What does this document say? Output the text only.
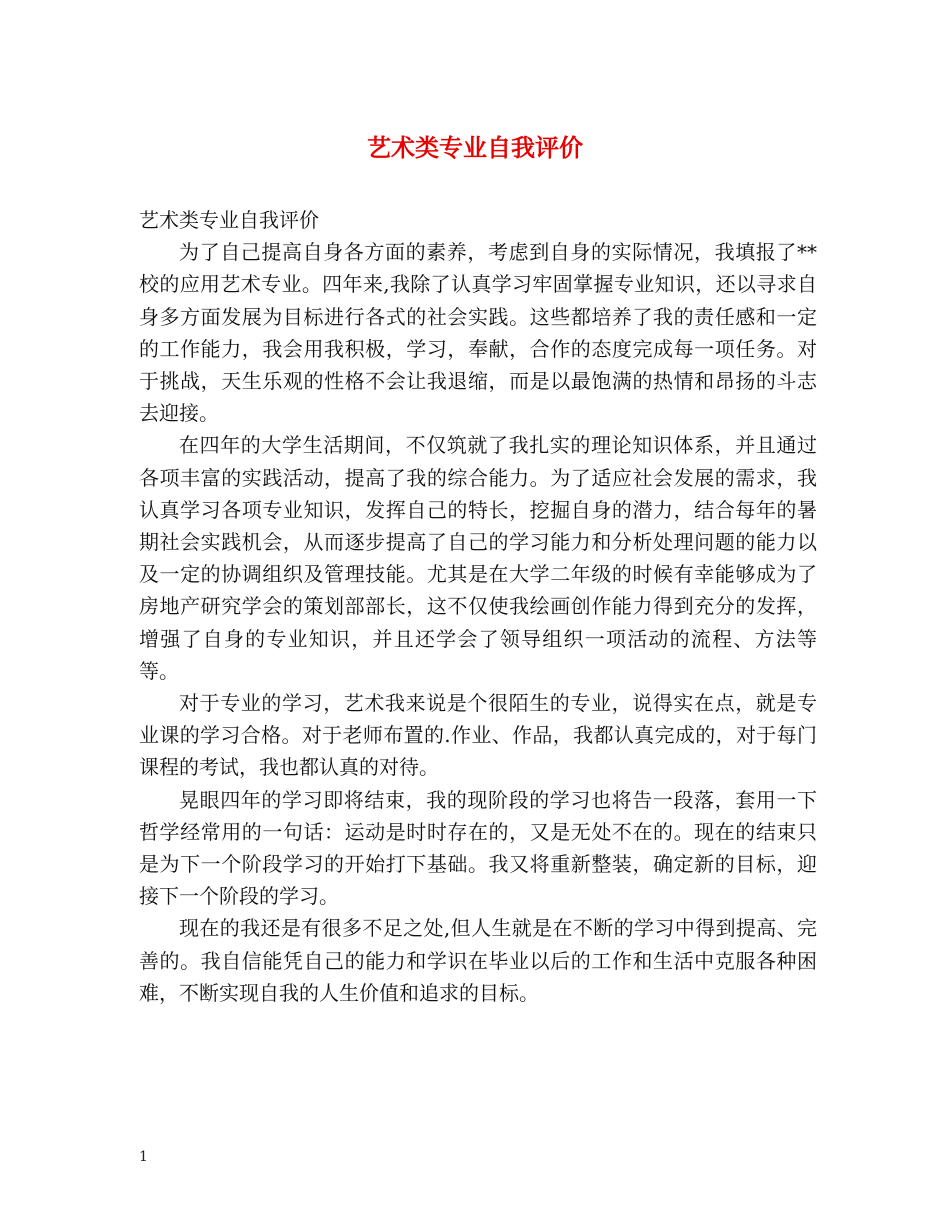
艺术类专业自我评价

艺术类专业自我评价

为了自己提高自身各方面的素养，考虑到自身的实际情况，我填报了**校的应用艺术专业。四年来,我除了认真学习牢固掌握专业知识，还以寻求自身多方面发展为目标进行各式的社会实践。这些都培养了我的责任感和一定的工作能力，我会用我积极，学习，奉献，合作的态度完成每一项任务。对于挑战，天生乐观的性格不会让我退缩，而是以最饱满的热情和昂扬的斗志去迎接。

在四年的大学生活期间，不仅筑就了我扎实的理论知识体系，并且通过各项丰富的实践活动，提高了我的综合能力。为了适应社会发展的需求，我认真学习各项专业知识，发挥自己的特长，挖掘自身的潜力，结合每年的暑期社会实践机会，从而逐步提高了自己的学习能力和分析处理问题的能力以及一定的协调组织及管理技能。尤其是在大学二年级的时候有幸能够成为了房地产研究学会的策划部部长，这不仅使我绘画创作能力得到充分的发挥，增强了自身的专业知识，并且还学会了领导组织一项活动的流程、方法等等。

对于专业的学习，艺术我来说是个很陌生的专业，说得实在点，就是专业课的学习合格。对于老师布置的.作业、作品，我都认真完成的，对于每门课程的考试，我也都认真的对待。

晃眼四年的学习即将结束，我的现阶段的学习也将告一段落，套用一下哲学经常用的一句话：运动是时时存在的，又是无处不在的。现在的结束只是为下一个阶段学习的开始打下基础。我又将重新整装，确定新的目标，迎接下一个阶段的学习。

现在的我还是有很多不足之处,但人生就是在不断的学习中得到提高、完善的。我自信能凭自己的能力和学识在毕业以后的工作和生活中克服各种困难，不断实现自我的人生价值和追求的目标。

1
